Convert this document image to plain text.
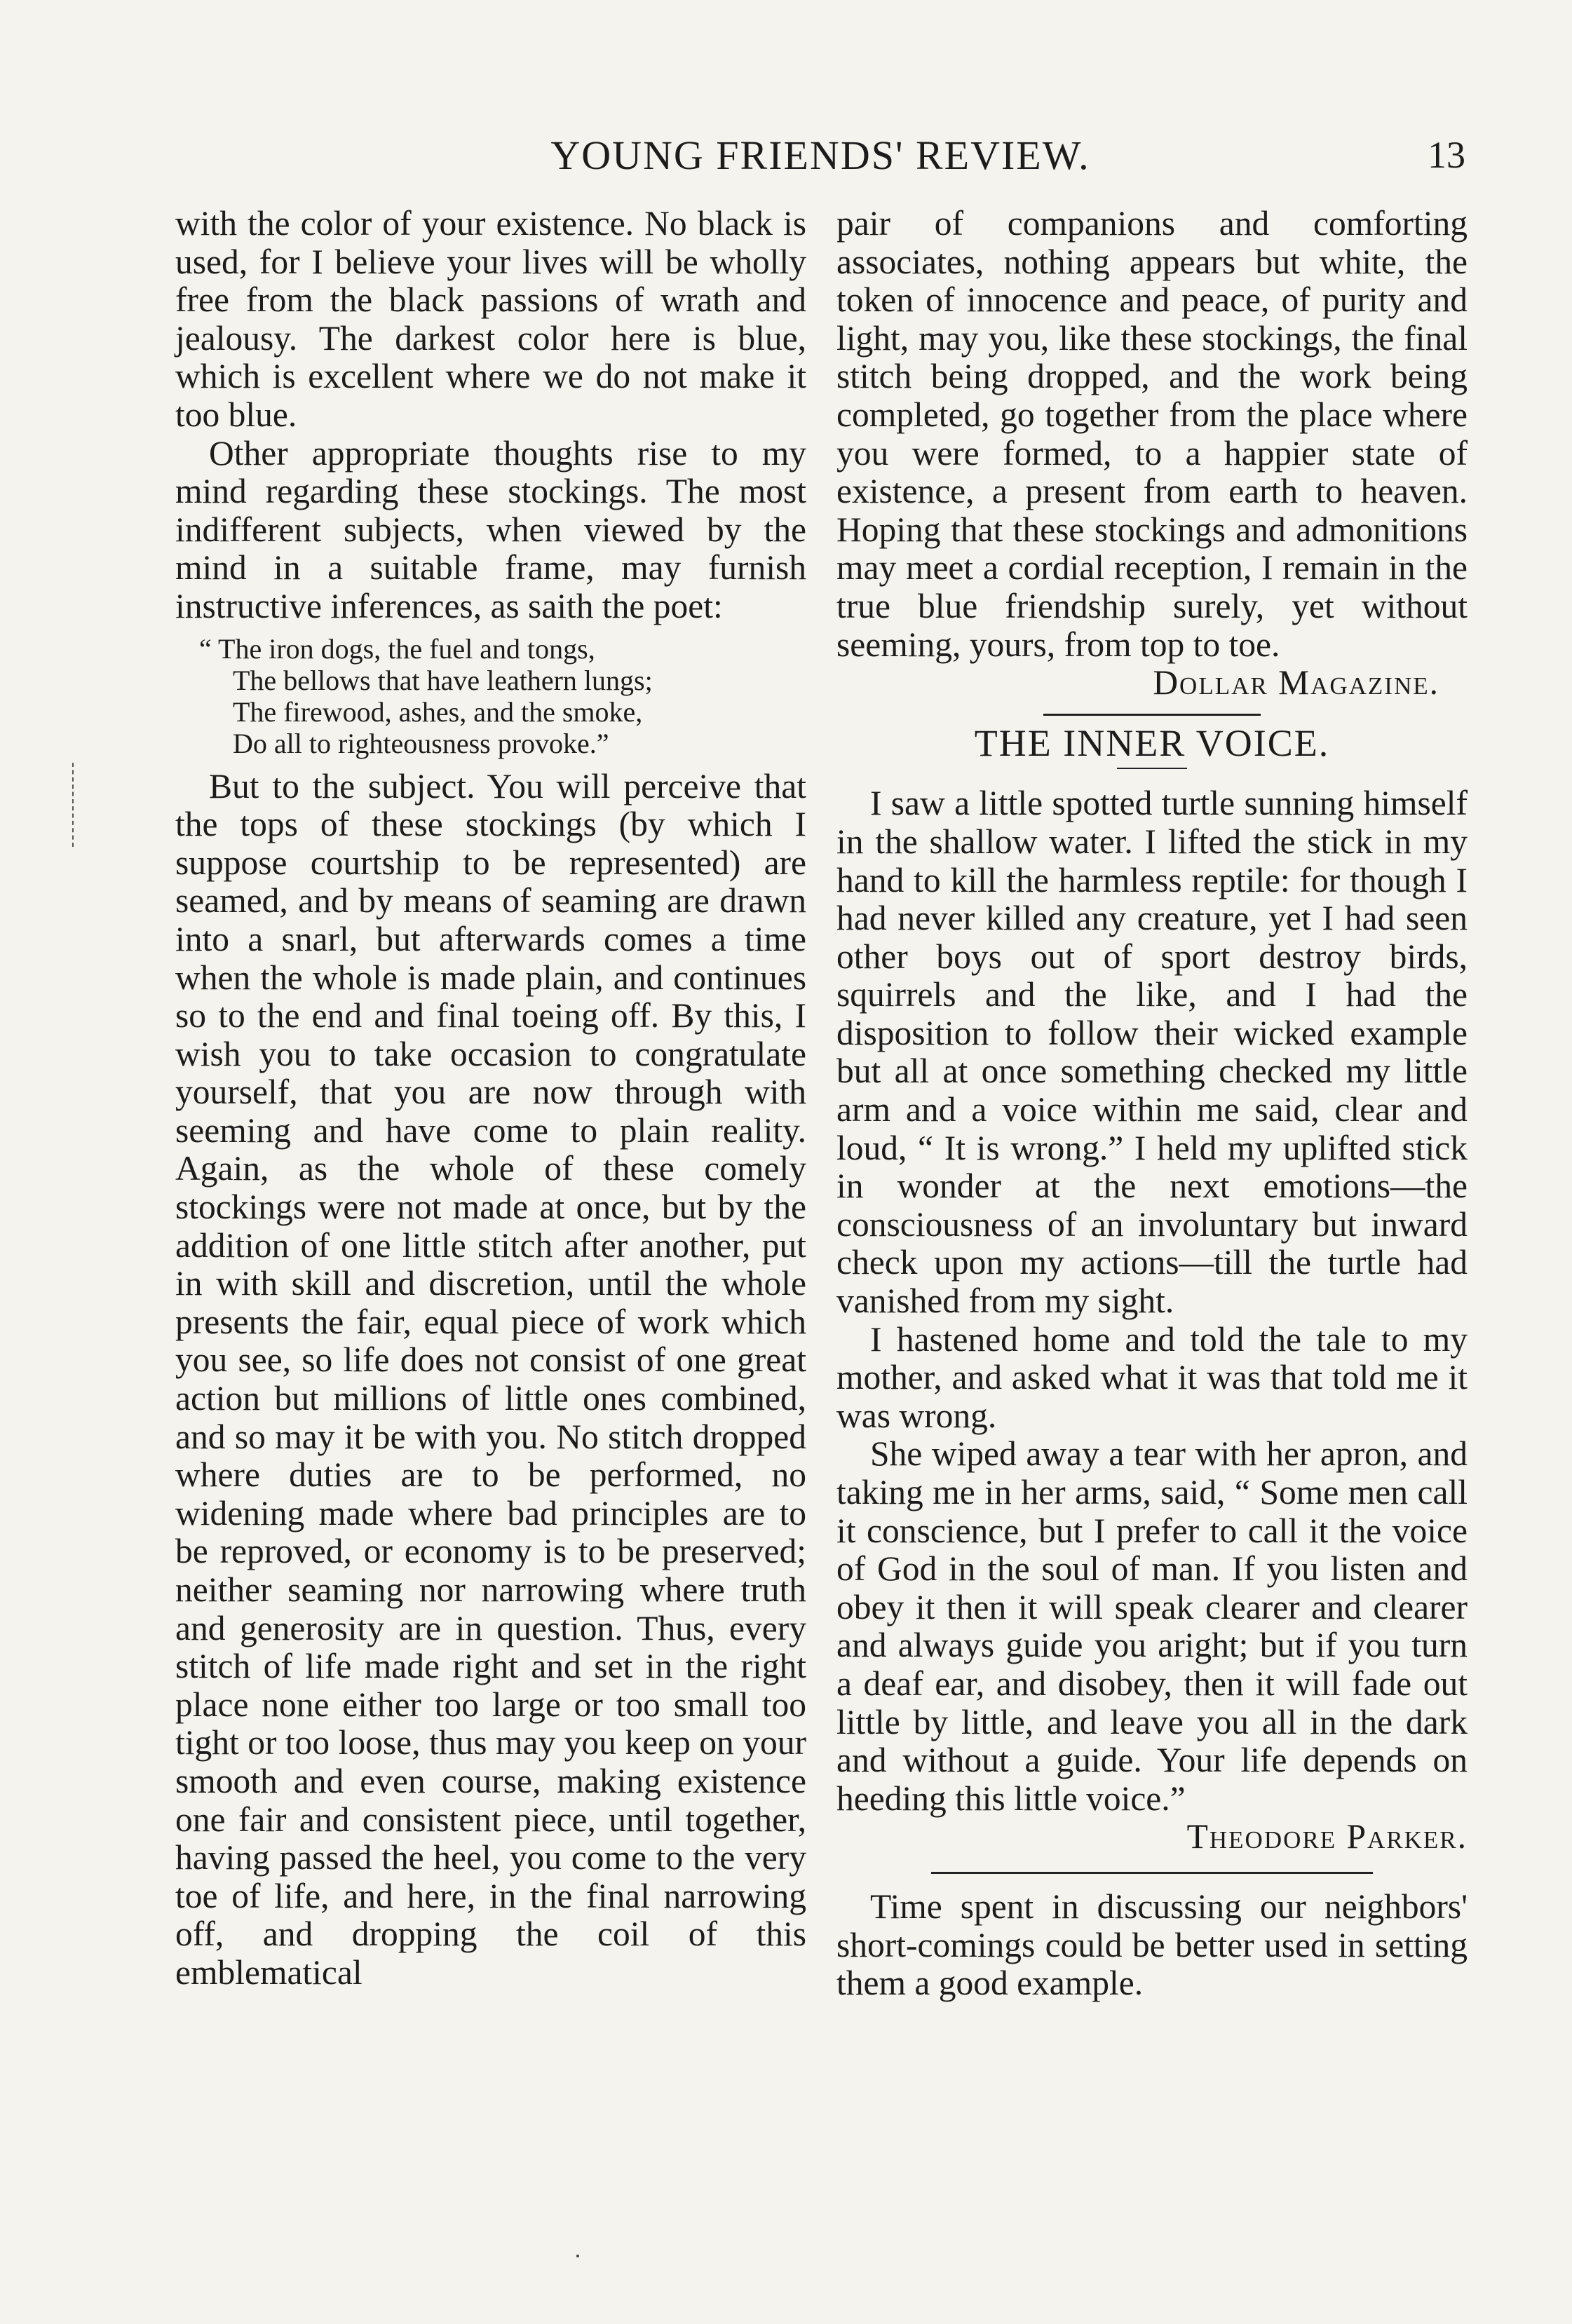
YOUNG FRIENDS' REVIEW.	13

with the color of your existence. No black is used, for I believe your lives will be wholly free from the black passions of wrath and jealousy. The darkest color here is blue, which is excellent where we do not make it too blue.

Other appropriate thoughts rise to my mind regarding these stockings. The most indifferent subjects, when viewed by the mind in a suitable frame, may furnish instructive inferences, as saith the poet:

“ The iron dogs, the fuel and tongs,
The bellows that have leathern lungs;
The firewood, ashes, and the smoke,
Do all to righteousness provoke.”

But to the subject. You will perceive that the tops of these stockings (by which I suppose courtship to be represented) are seamed, and by means of seaming are drawn into a snarl, but afterwards comes a time when the whole is made plain, and continues so to the end and final toeing off. By this, I wish you to take occasion to congratulate yourself, that you are now through with seeming and have come to plain reality. Again, as the whole of these comely stockings were not made at once, but by the addition of one little stitch after another, put in with skill and discretion, until the whole presents the fair, equal piece of work which you see, so life does not consist of one great action but millions of little ones combined, and so may it be with you. No stitch dropped where duties are to be performed, no widening made where bad principles are to be reproved, or economy is to be preserved; neither seaming nor narrowing where truth and generosity are in question. Thus, every stitch of life made right and set in the right place none either too large or too small too tight or too loose, thus may you keep on your smooth and even course, making existence one fair and consistent piece, until together, having passed the heel, you come to the very toe of life, and here, in the final narrowing off, and dropping the coil of this emblematical

pair of companions and comforting associates, nothing appears but white, the token of innocence and peace, of purity and light, may you, like these stockings, the final stitch being dropped, and the work being completed, go together from the place where you were formed, to a happier state of existence, a present from earth to heaven. Hoping that these stockings and admonitions may meet a cordial reception, I remain in the true blue friendship surely, yet without seeming, yours, from top to toe.

Dollar Magazine.

THE INNER VOICE.

I saw a little spotted turtle sunning himself in the shallow water. I lifted the stick in my hand to kill the harmless reptile: for though I had never killed any creature, yet I had seen other boys out of sport destroy birds, squirrels and the like, and I had the disposition to follow their wicked example but all at once something checked my little arm and a voice within me said, clear and loud, “ It is wrong.” I held my uplifted stick in wonder at the next emotions—the consciousness of an involuntary but inward check upon my actions—till the turtle had vanished from my sight.

I hastened home and told the tale to my mother, and asked what it was that told me it was wrong.

She wiped away a tear with her apron, and taking me in her arms, said, “ Some men call it conscience, but I prefer to call it the voice of God in the soul of man. If you listen and obey it then it will speak clearer and clearer and always guide you aright; but if you turn a deaf ear, and disobey, then it will fade out little by little, and leave you all in the dark and without a guide. Your life depends on heeding this little voice.”

Theodore Parker.

Time spent in discussing our neighbors' short-comings could be better used in setting them a good example.
